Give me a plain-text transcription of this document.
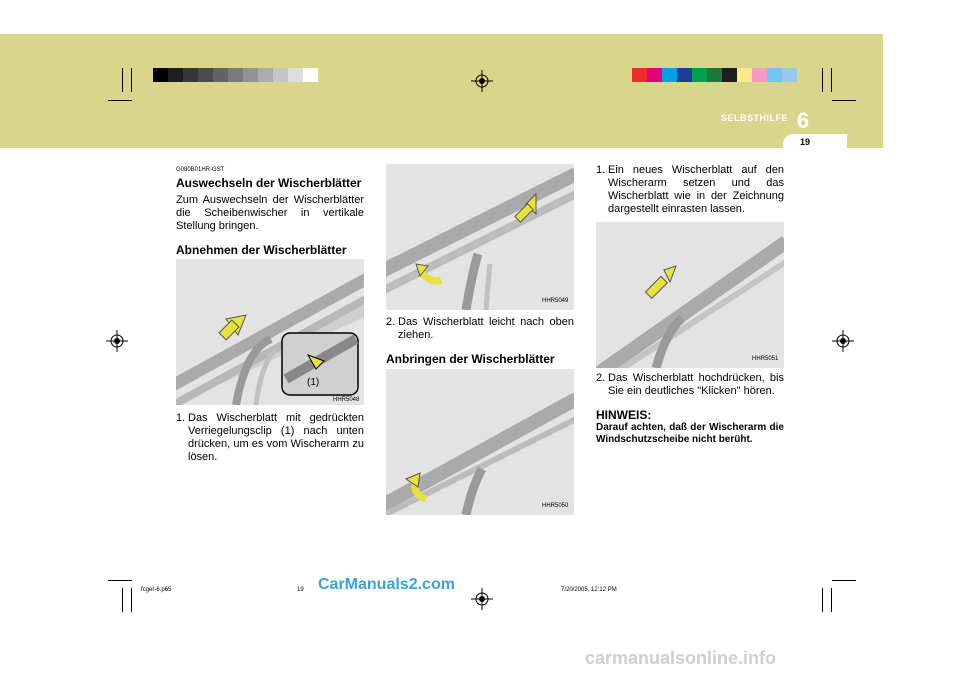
SELBSTHILFE 6
19
G080B01HR-GST
Auswechseln der Wischerblätter

Zum Auswechseln der Wischerblätter die Scheibenwischer in vertikale Stellung bringen.

Abnehmen der Wischerblätter
(1)
HHR5048
1. Das Wischerblatt mit gedrückten Verriegelungsclip (1) nach unten drücken, um es vom Wischerarm zu lösen.
HHR5049
2. Das Wischerblatt leicht nach oben ziehen.
Anbringen der Wischerblätter
HHR5050
1. Ein neues Wischerblatt auf den Wischerarm setzen und das Wischerblatt wie in der Zeichnung dargestellt einrasten lassen.
HHR5051
2. Das Wischerblatt hochdrücken, bis Sie ein deutliches "Klicken" hören.
HINWEIS:
Darauf achten, daß der Wischerarm die Windschutzscheibe nicht berüht.
fcger-6.p65	19	7/20/2005, 12:12 PM
CarManuals2.com
carmanualsonline.info
